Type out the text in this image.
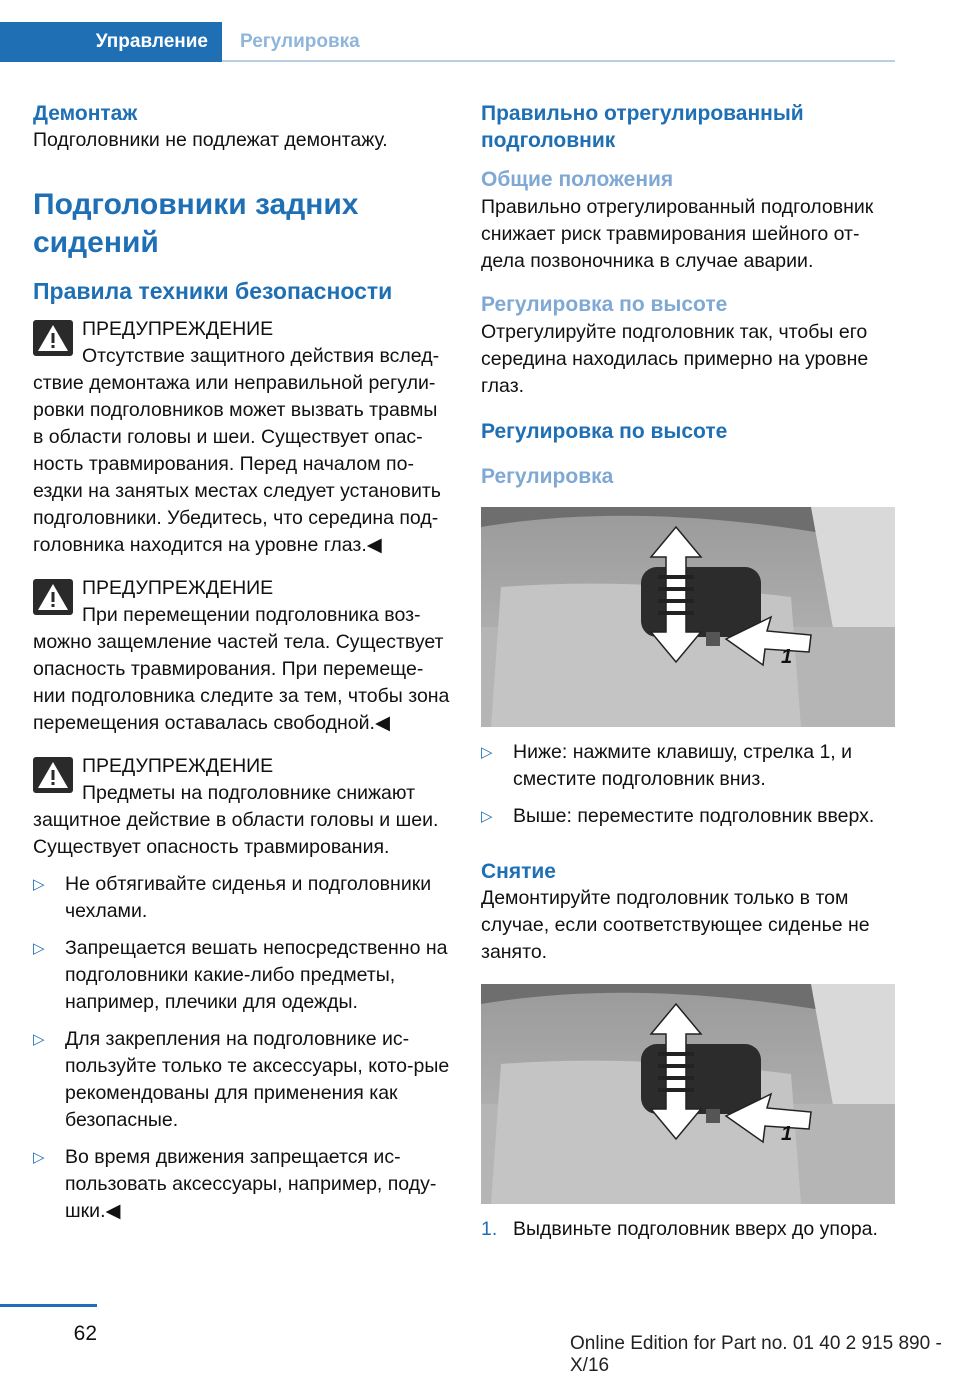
Управление	Регулировка
Демонтаж

Подголовники не подлежат демонтажу.

Подголовники задних сидений
Правила техники безопасности

ПРЕДУПРЕЖДЕНИЕ

Отсутствие защитного действия вслед-ствие демонтажа или неправильной регули-ровки подголовников может вызвать травмы в области головы и шеи. Существует опас-ность травмирования. Перед началом по-ездки на занятых местах следует установить подголовники. Убедитесь, что середина под-головника находится на уровне глаз.◀

ПРЕДУПРЕЖДЕНИЕ

При перемещении подголовника воз-можно защемление частей тела. Существует опасность травмирования. При перемеще-нии подголовника следите за тем, чтобы зона перемещения оставалась свободной.◀

ПРЕДУПРЕЖДЕНИЕ

Предметы на подголовнике снижают защитное действие в области головы и шеи. Существует опасность травмирования.

▷ Не обтягивайте сиденья и подголовники чехлами.
▷ Запрещается вешать непосредственно на подголовники какие-либо предметы, например, плечики для одежды.
▷ Для закрепления на подголовнике ис-пользуйте только те аксессуары, кото-рые рекомендованы для применения как безопасные.
▷ Во время движения запрещается ис-пользовать аксессуары, например, поду-шки.◀
Правильно отрегулированный подголовник
Общие положения

Правильно отрегулированный подголовник снижает риск травмирования шейного от-дела позвоночника в случае аварии.

Регулировка по высоте

Отрегулируйте подголовник так, чтобы его середина находилась примерно на уровне глаз.

Регулировка по высоте
Регулировка
1
▷ Ниже: нажмите клавишу, стрелка 1, и сместите подголовник вниз.
▷ Выше: переместите подголовник вверх.
Снятие

Демонтируйте подголовник только в том случае, если соответствующее сиденье не занято.

1
1. Выдвиньте подголовник вверх до упора.
62	Online Edition for Part no. 01 40 2 915 890 - X/16
